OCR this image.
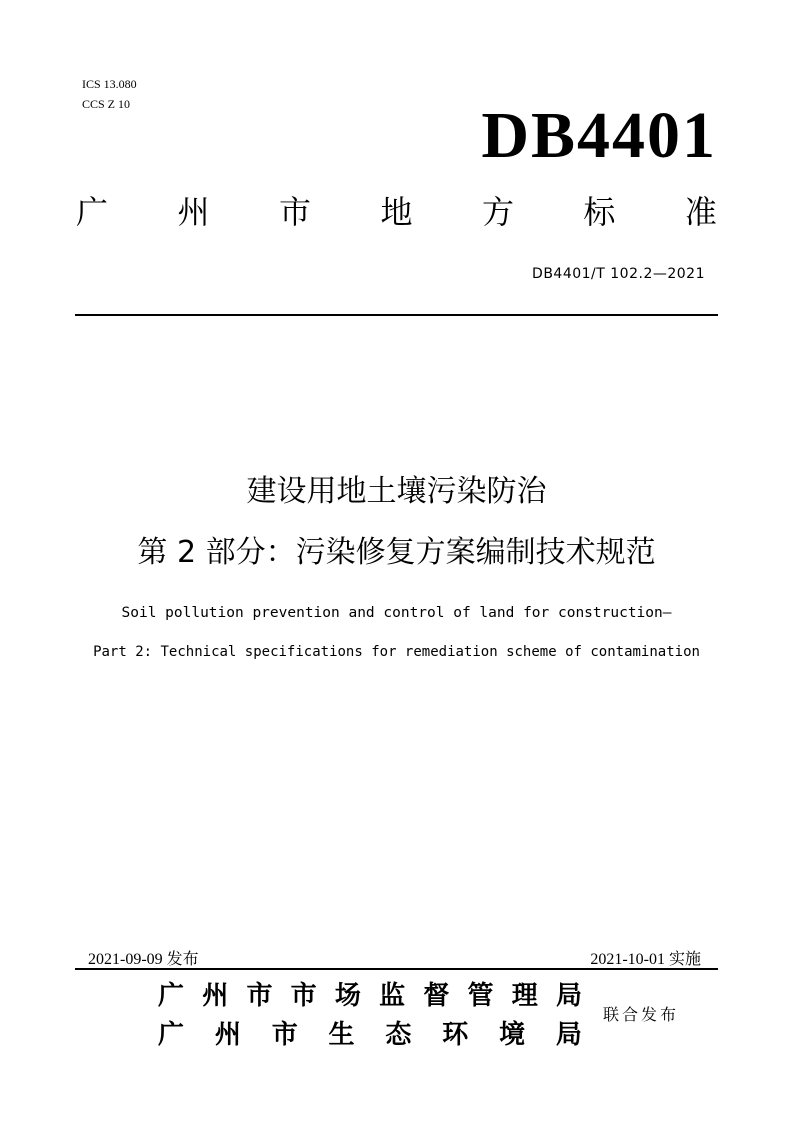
ICS 13.080
CCS Z 10	DB4401
广 州 市 地 方 标 准
DB4401/T 102.2—2021
建设用地土壤污染防治
第 2 部分：污染修复方案编制技术规范
Soil pollution prevention and control of land for construction—
Part 2: Technical specifications for remediation scheme of contamination
2021-09-09 发布	2021-10-01 实施
广 州 市 市 场 监 督 管 理 局
广 州 市 生 态 环 境 局
联合发布
